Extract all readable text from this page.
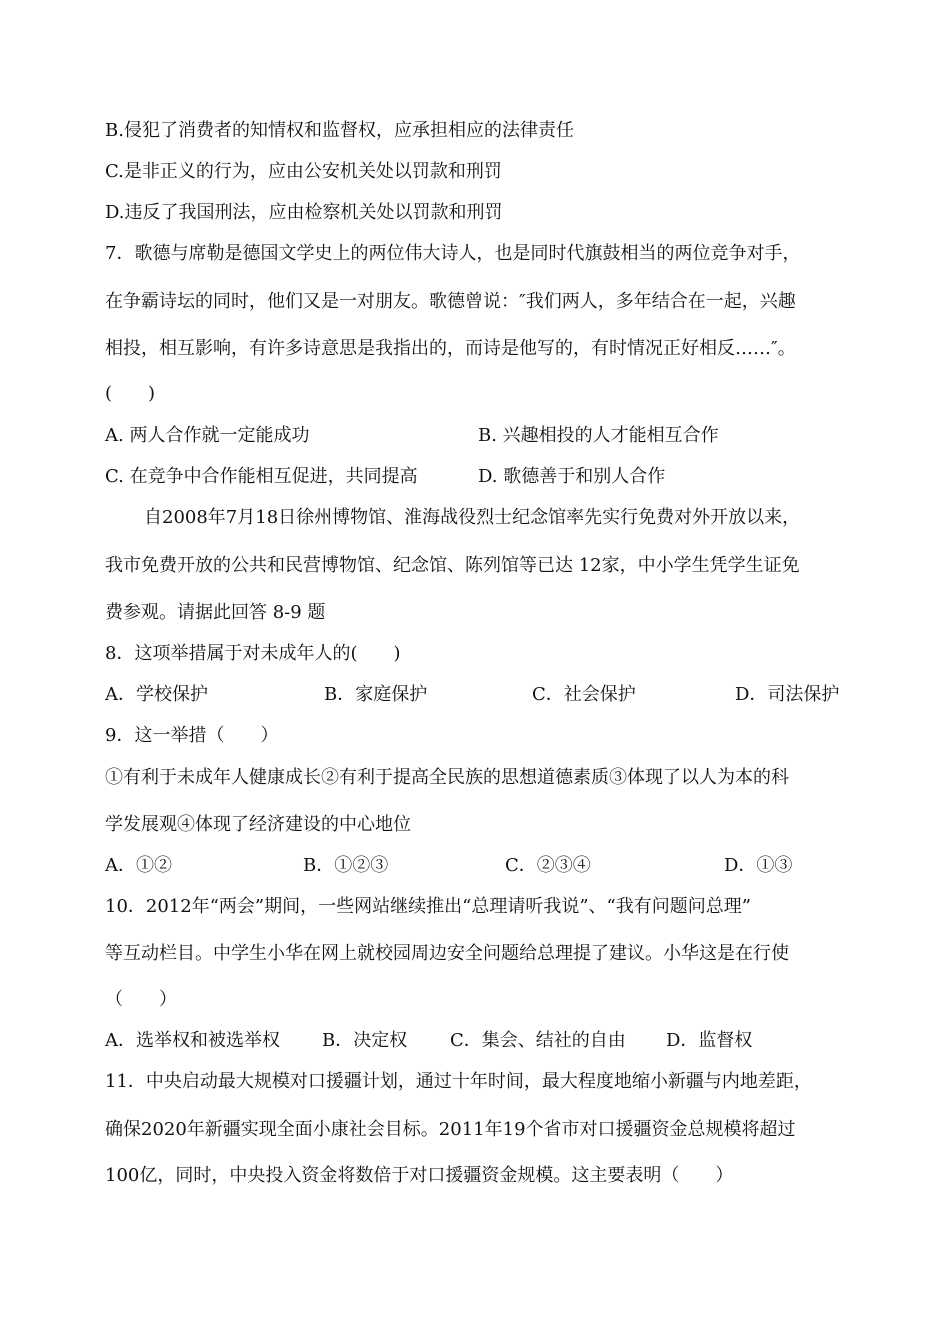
B.侵犯了消费者的知情权和监督权，应承担相应的法律责任
C.是非正义的行为，应由公安机关处以罚款和刑罚
D.违反了我国刑法，应由检察机关处以罚款和刑罚
7．歌德与席勒是德国文学史上的两位伟大诗人，也是同时代旗鼓相当的两位竞争对手，
在争霸诗坛的同时，他们又是一对朋友。歌德曾说：″我们两人，多年结合在一起，兴趣
相投，相互影响，有许多诗意思是我指出的，而诗是他写的，有时情况正好相反……″。
(　　)
A. 两人合作就一定能成功	B. 兴趣相投的人才能相互合作
C. 在竞争中合作能相互促进，共同提高	D. 歌德善于和别人合作
自2008年7月18日徐州博物馆、淮海战役烈士纪念馆率先实行免费对外开放以来，
我市免费开放的公共和民营博物馆、纪念馆、陈列馆等已达 12家，中小学生凭学生证免
费参观。请据此回答 8-9 题
8．这项举措属于对未成年人的(　　)
A．学校保护	B．家庭保护	C．社会保护	D．司法保护
9．这一举措（　　）
①有利于未成年人健康成长②有利于提高全民族的思想道德素质③体现了以人为本的科
学发展观④体现了经济建设的中心地位
A．①②	B．①②③	C．②③④	D．①③
10．2012年“两会”期间，一些网站继续推出“总理请听我说”、“我有问题问总理”
等互动栏目。中学生小华在网上就校园周边安全问题给总理提了建议。小华这是在行使
（　　）
A．选举权和被选举权 B．决定权 C．集会、结社的自由 D．监督权
11．中央启动最大规模对口援疆计划，通过十年时间，最大程度地缩小新疆与内地差距，
确保2020年新疆实现全面小康社会目标。2011年19个省市对口援疆资金总规模将超过
100亿，同时，中央投入资金将数倍于对口援疆资金规模。这主要表明（　　）
